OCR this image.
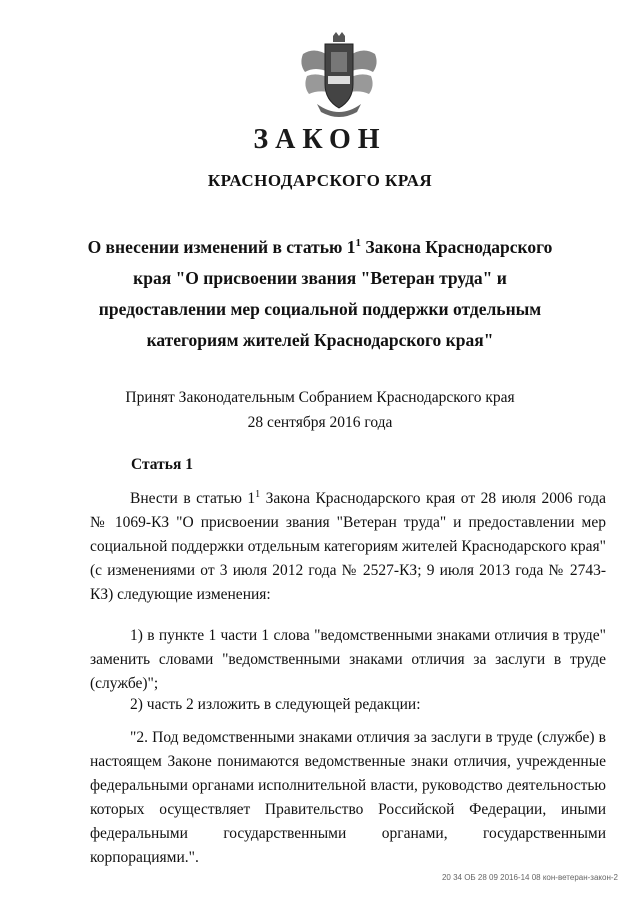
ЗАКОН
КРАСНОДАРСКОГО КРАЯ
О внесении изменений в статью $1^1$ Закона Краснодарского края "О присвоении звания "Ветеран труда" и предоставлении мер социальной поддержки отдельным категориям жителей Краснодарского края"
Принят Законодательным Собранием Краснодарского края
28 сентября 2016 года
Статья 1
Внести в статью $1^1$ Закона Краснодарского края от 28 июля 2006 года № 1069-КЗ "О присвоении звания "Ветеран труда" и предоставлении мер социальной поддержки отдельным категориям жителей Краснодарского края" (с изменениями от 3 июля 2012 года № 2527-КЗ; 9 июля 2013 года № 2743-КЗ) следующие изменения:
1) в пункте 1 части 1 слова "ведомственными знаками отличия в труде" заменить словами "ведомственными знаками отличия за заслуги в труде (службе)";
2) часть 2 изложить в следующей редакции:
"2. Под ведомственными знаками отличия за заслуги в труде (службе) в настоящем Законе понимаются ведомственные знаки отличия, учрежденные федеральными органами исполнительной власти, руководство деятельностью которых осуществляет Правительство Российской Федерации, иными федеральными государственными органами, государственными корпорациями.".
20 34 ОБ 28 09 2016-14 08 кон-ветеран-закон-2
